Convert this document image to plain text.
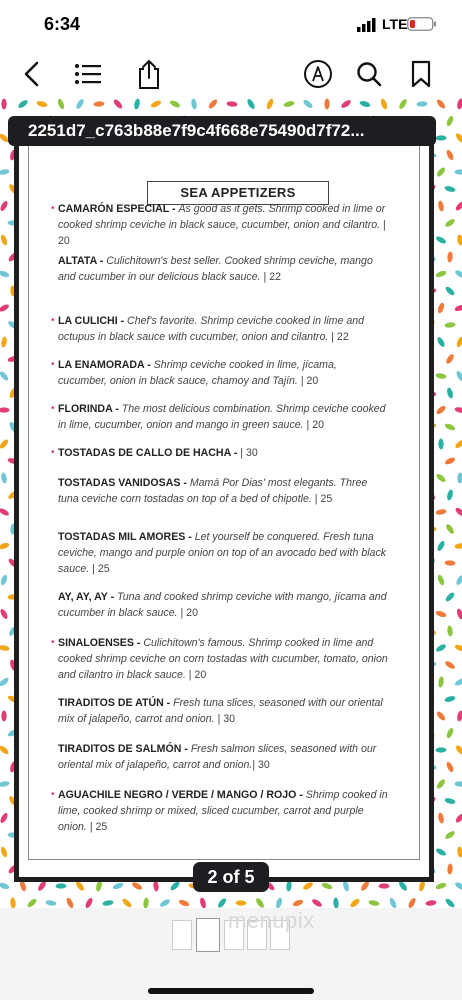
6:34	LTE
SEA APPETIZERS
• CAMARÓN ESPECIAL - As good as it gets. Shrimp cooked in lime or cooked shrimp ceviche in black sauce, cucumber, onion and cilantro. | 20
ALTATA - Culichitown's best seller. Cooked shrimp ceviche, mango and cucumber in our delicious black sauce. | 22
• LA CULICHI - Chef's favorite. Shrimp ceviche cooked in lime and octupus in black sauce with cucumber, onion and cilantro. | 22
• LA ENAMORADA - Shrimp ceviche cooked in lime, jícama, cucumber, onion in black sauce, chamoy and Tajín. | 20
• FLORINDA - The most delicious combination. Shrimp ceviche cooked in lime, cucumber, onion and mango in green sauce. | 20
• TOSTADAS DE CALLO DE HACHA - | 30
TOSTADAS VANIDOSAS - Mamá Por Dias' most elegants. Three tuna ceviche corn tostadas on top of a bed of chipotle. | 25
TOSTADAS MIL AMORES - Let yourself be conquered. Fresh tuna ceviche, mango and purple onion on top of an avocado bed with black sauce. | 25
AY, AY, AY - Tuna and cooked shrimp ceviche with mango, jícama and cucumber in black sauce. | 20
• SINALOENSES - Culichitown's famous. Shrimp cooked in lime and cooked shrimp ceviche on corn tostadas with cucumber, tomato, onion and cilantro in black sauce. | 20
TIRADITOS DE ATÚN - Fresh tuna slices, seasoned with our oriental mix of jalapeño, carrot and onion. | 30
TIRADITOS DE SALMÓN - Fresh salmon slices, seasoned with our oriental mix of jalapeño, carrot and onion.| 30
• AGUACHILE NEGRO / VERDE / MANGO / ROJO - Shrimp cooked in lime, cooked shrimp or mixed, sliced cucumber, carrot and purple onion. | 25
2251d7_c763b88e7f9c4f668e75490d7f72...
2 of 5
menupix
